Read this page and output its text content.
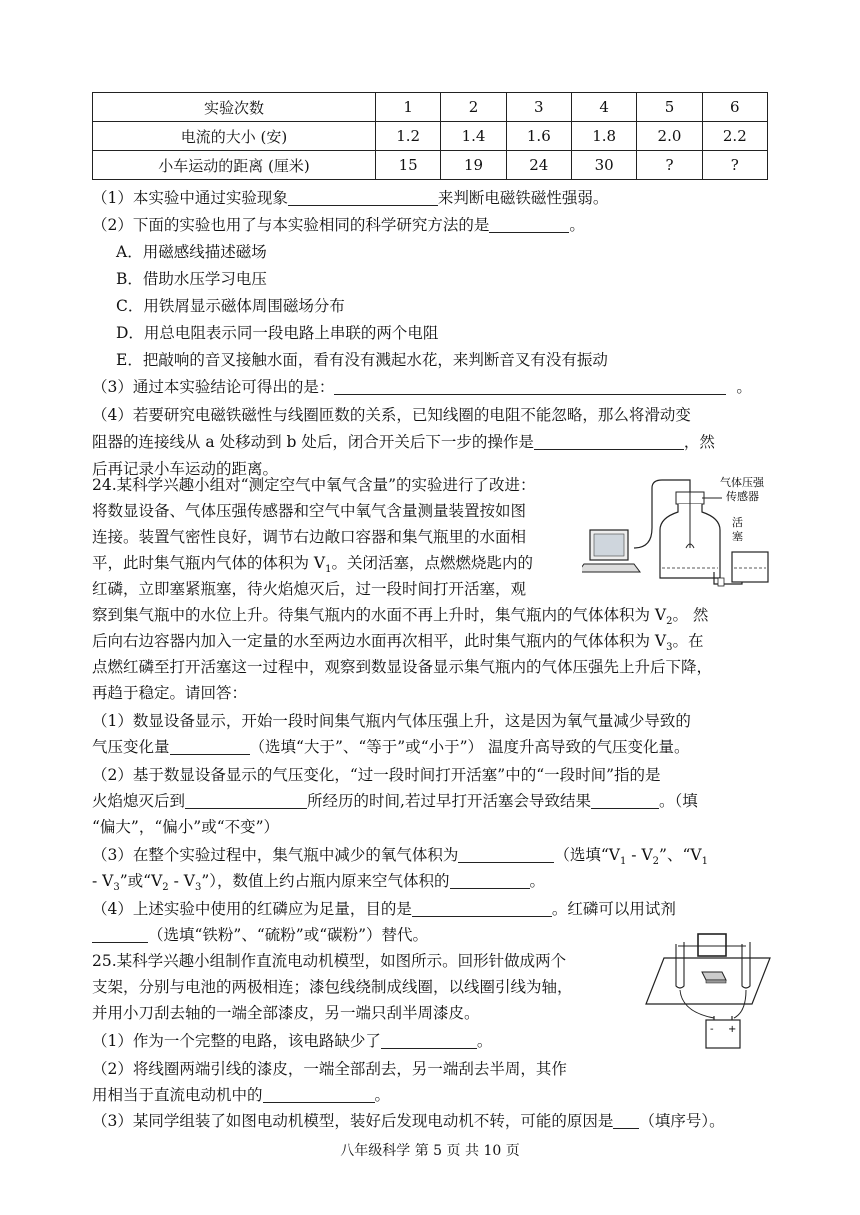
实验次数	1	2	3	4	5	6
电流的大小 (安)	1.2	1.4	1.6	1.8	2.0	2.2
小车运动的距离 (厘米)	15	19	24	30	?	?
（1）本实验中通过实验现象	来判断电磁铁磁性强弱。
（2）下面的实验也用了与本实验相同的科学研究方法的是	。
A．用磁感线描述磁场
B．借助水压学习电压
C．用铁屑显示磁体周围磁场分布
D．用总电阻表示同一段电路上串联的两个电阻
E．把敲响的音叉接触水面，看有没有溅起水花，来判断音叉有没有振动
（3）通过本实验结论可得出的是：	。
（4）若要研究电磁铁磁性与线圈匝数的关系，已知线圈的电阻不能忽略，那么将滑动变
阻器的连接线从 a 处移动到 b 处后，闭合开关后下一步的操作是	，然
后再记录小车运动的距离。
24.某科学兴趣小组对“测定空气中氧气含量”的实验进行了改进：
将数显设备、气体压强传感器和空气中氧气含量测量装置按如图
连接。装置气密性良好，调节右边敞口容器和集气瓶里的水面相
平，此时集气瓶内气体的体积为 $V_1$。关闭活塞，点燃燃烧匙内的
红磷，立即塞紧瓶塞，待火焰熄灭后，过一段时间打开活塞，观
察到集气瓶中的水位上升。待集气瓶内的水面不再上升时，集气瓶内的气体体积为 $V_2$。 然
后向右边容器内加入一定量的水至两边水面再次相平，此时集气瓶内的气体体积为 $V_3$。在
点燃红磷至打开活塞这一过程中，观察到数显设备显示集气瓶内的气体压强先上升后下降，
再趋于稳定。请回答：
（1）数显设备显示，开始一段时间集气瓶内气体压强上升，这是因为氧气量减少导致的
气压变化量	（选填“大于”、“等于”或“小于”） 温度升高导致的气压变化量。
（2）基于数显设备显示的气压变化，“过一段时间打开活塞”中的“一段时间”指的是
火焰熄灭后到	所经历的时间,若过早打开活塞会导致结果	。（填
“偏大”，“偏小”或“不变”）
（3）在整个实验过程中，集气瓶中减少的氧气体积为	（选填“$V_1 - V_2$”、“$V_1$
- $V_3$”或“$V_2$ - $V_3$”），数值上约占瓶内原来空气体积的	。
（4）上述实验中使用的红磷应为足量，目的是	。红磷可以用试剂
（选填“铁粉”、“硫粉”或“碳粉”）替代。
气体压强
传感器
活
塞
25.某科学兴趣小组制作直流电动机模型，如图所示。回形针做成两个
支架，分别与电池的两极相连；漆包线绕制成线圈，以线圈引线为轴，
并用小刀刮去轴的一端全部漆皮，另一端只刮半周漆皮。
（1）作为一个完整的电路，该电路缺少了	。
（2）将线圈两端引线的漆皮，一端全部刮去，另一端刮去半周，其作
用相当于直流电动机中的	。
（3）某同学组装了如图电动机模型，装好后发现电动机不转，可能的原因是 （填序号）。
- +
八年级科学 第 5 页 共 10 页
